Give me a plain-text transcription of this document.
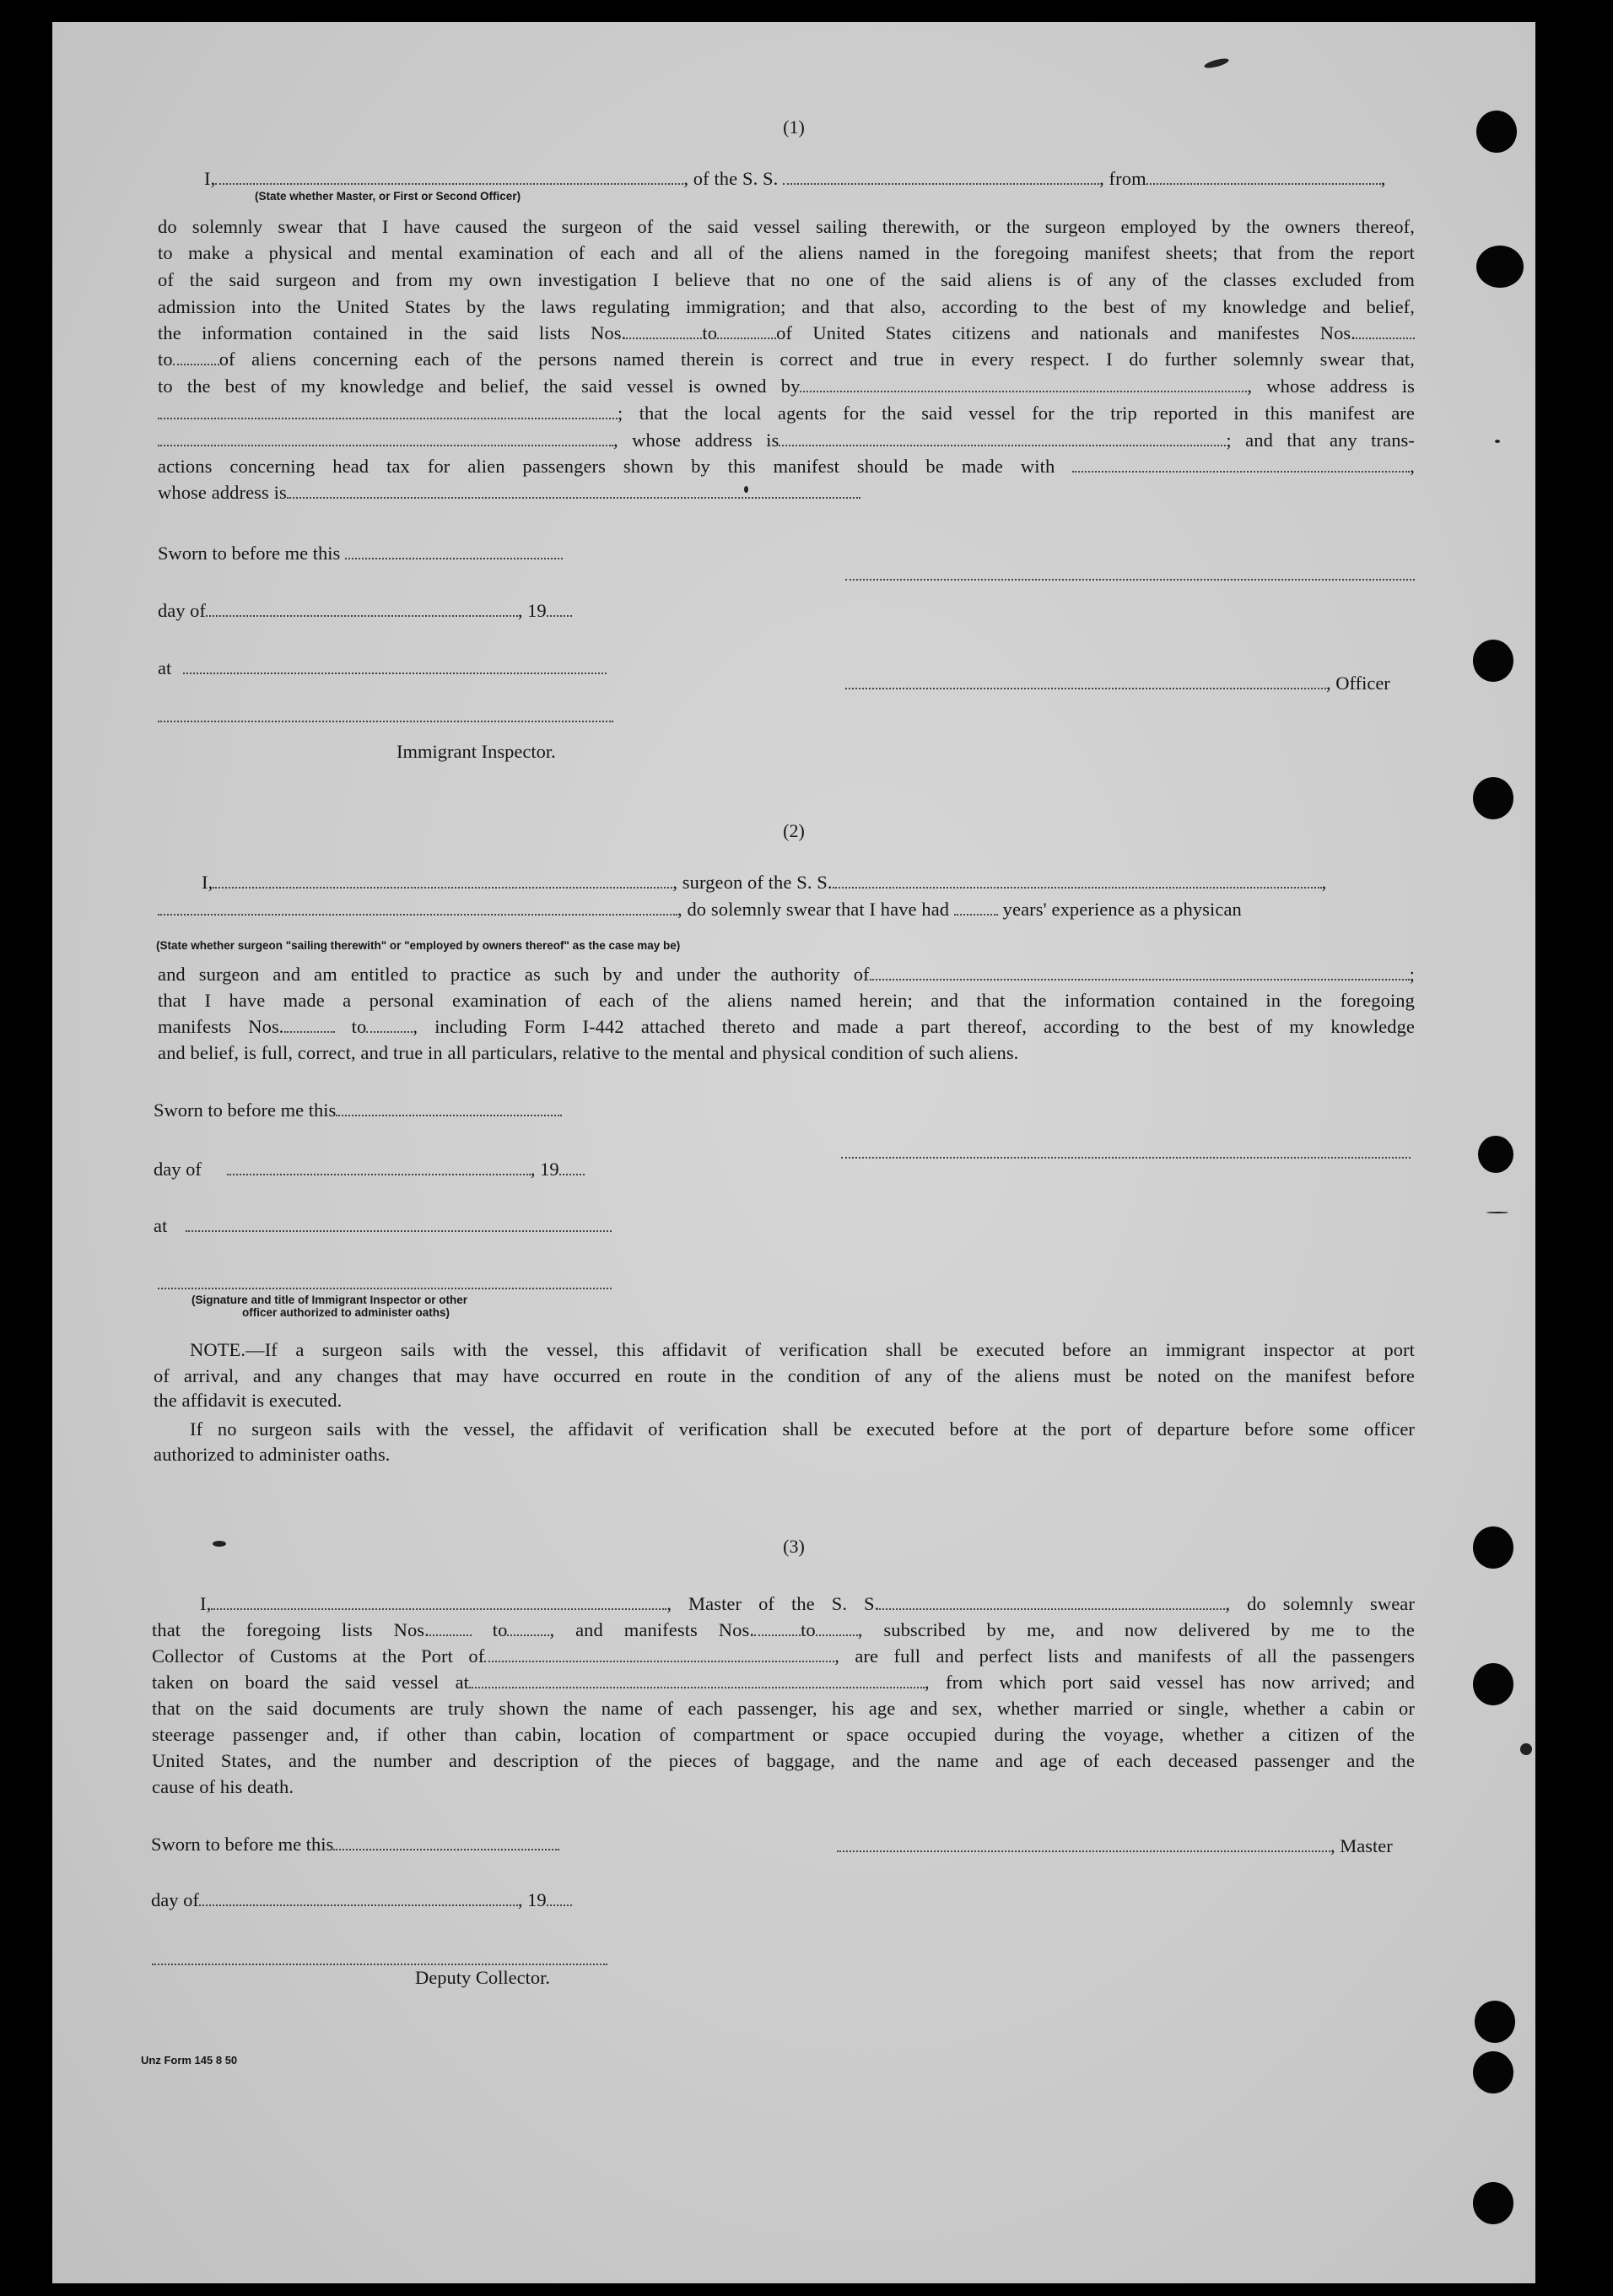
(1)
I,	, of the S. S.	, from	,
(State whether Master, or First or Second Officer)
do solemnly swear that I have caused the surgeon of the said vessel sailing therewith, or the surgeon employed by the owners thereof,
to make a physical and mental examination of each and all of the aliens named in the foregoing manifest sheets; that from the report
of the said surgeon and from my own investigation I believe that no one of the said aliens is of any of the classes excluded from
admission into the United States by the laws regulating immigration; and that also, according to the best of my knowledge and belief,
the information contained in the said lists Nos.	to	of United States citizens and nationals and manifestes Nos.
to of aliens concerning each of the persons named therein is correct and true in every respect. I do further solemnly swear that,
to the best of my knowledge and belief, the said vessel is owned by	, whose address is
; that the local agents for the said vessel for the trip reported in this manifest are
, whose address is	; and that any trans-
actions concerning head tax for alien passengers shown by this manifest should be made with	,
whose address is
Sworn to before me this
day of	, 19
at
, Officer
Immigrant Inspector.
(2)
I,	, surgeon of the S. S.	,
, do solemnly swear that I have had	years' experience as a physican
(State whether surgeon "sailing therewith" or "employed by owners thereof" as the case may be)
and surgeon and am entitled to practice as such by and under the authority of	;
that I have made a personal examination of each of the aliens named herein; and that the information contained in the foregoing
manifests Nos.	to , including Form I-442 attached thereto and made a part thereof, according to the best of my knowledge
and belief, is full, correct, and true in all particulars, relative to the mental and physical condition of such aliens.
Sworn to before me this
day of	, 19
at
(Signature and title of Immigrant Inspector or other
officer authorized to administer oaths)
NOTE.—If a surgeon sails with the vessel, this affidavit of verification shall be executed before an immigrant inspector at port
of arrival, and any changes that may have occurred en route in the condition of any of the aliens must be noted on the manifest before
the affidavit is executed.
If no surgeon sails with the vessel, the affidavit of verification shall be executed before at the port of departure before some officer
authorized to administer oaths.
(3)
I,	, Master of the S. S.	, do solemnly swear
that the foregoing lists Nos.	to , and manifests Nos. to , subscribed by me, and now delivered by me to the
Collector of Customs at the Port of	, are full and perfect lists and manifests of all the passengers
taken on board the said vessel at	, from which port said vessel has now arrived; and
that on the said documents are truly shown the name of each passenger, his age and sex, whether married or single, whether a cabin or
steerage passenger and, if other than cabin, location of compartment or space occupied during the voyage, whether a citizen of the
United States, and the number and description of the pieces of baggage, and the name and age of each deceased passenger and the
cause of his death.
Sworn to before me this	, Master
day of	, 19
Deputy Collector.
Unz Form 145 8 50
